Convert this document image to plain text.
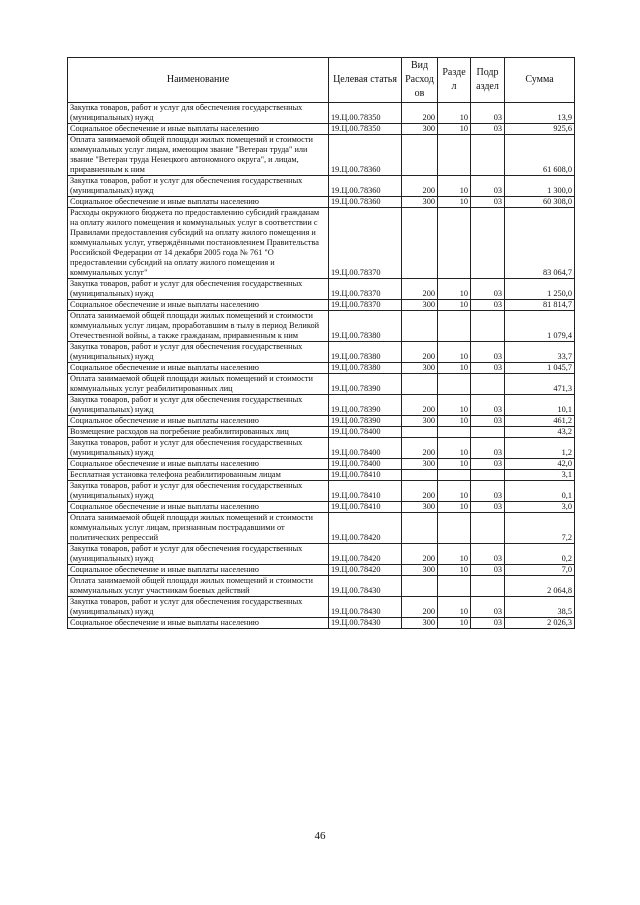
Наименование	Целевая статья	Вид Расход ов	Разде л	Подр аздел	Сумма
Закупка товаров, работ и услуг для обеспечения государственных (муниципальных) нужд	19.Ц.00.78350	200	10	03	13,9
Социальное обеспечение и иные выплаты населению	19.Ц.00.78350	300	10	03	925,6
Оплата занимаемой общей площади жилых помещений и стоимости коммунальных услуг лицам, имеющим звание "Ветеран труда" или звание "Ветеран труда Ненецкого автономного округа", и лицам, приравненным к ним	19.Ц.00.78360				61 608,0
Закупка товаров, работ и услуг для обеспечения государственных (муниципальных) нужд	19.Ц.00.78360	200	10	03	1 300,0
Социальное обеспечение и иные выплаты населению	19.Ц.00.78360	300	10	03	60 308,0
Расходы окружного бюджета по предоставлению субсидий гражданам на оплату жилого помещения и коммунальных услуг в соответствии с Правилами предоставления субсидий на оплату жилого помещения и коммунальных услуг, утверждёнными постановлением Правительства Российской Федерации от 14 декабря 2005 года № 761 "О предоставлении субсидий на оплату жилого помещения и коммунальных услуг"	19.Ц.00.78370				83 064,7
Закупка товаров, работ и услуг для обеспечения государственных (муниципальных) нужд	19.Ц.00.78370	200	10	03	1 250,0
Социальное обеспечение и иные выплаты населению	19.Ц.00.78370	300	10	03	81 814,7
Оплата занимаемой общей площади жилых помещений и стоимости коммунальных услуг лицам, проработавшим в тылу в период Великой Отечественной войны, а также гражданам, приравненным к ним	19.Ц.00.78380				1 079,4
Закупка товаров, работ и услуг для обеспечения государственных (муниципальных) нужд	19.Ц.00.78380	200	10	03	33,7
Социальное обеспечение и иные выплаты населению	19.Ц.00.78380	300	10	03	1 045,7
Оплата занимаемой общей площади жилых помещений и стоимости коммунальных услуг реабилитированных лиц	19.Ц.00.78390				471,3
Закупка товаров, работ и услуг для обеспечения государственных (муниципальных) нужд	19.Ц.00.78390	200	10	03	10,1
Социальное обеспечение и иные выплаты населению	19.Ц.00.78390	300	10	03	461,2
Возмещение расходов на погребение реабилитированных лиц	19.Ц.00.78400				43,2
Закупка товаров, работ и услуг для обеспечения государственных (муниципальных) нужд	19.Ц.00.78400	200	10	03	1,2
Социальное обеспечение и иные выплаты населению	19.Ц.00.78400	300	10	03	42,0
Бесплатная установка телефона реабилитированным лицам	19.Ц.00.78410				3,1
Закупка товаров, работ и услуг для обеспечения государственных (муниципальных) нужд	19.Ц.00.78410	200	10	03	0,1
Социальное обеспечение и иные выплаты населению	19.Ц.00.78410	300	10	03	3,0
Оплата занимаемой общей площади жилых помещений и стоимости коммунальных услуг лицам, признанным пострадавшими от политических репрессий	19.Ц.00.78420				7,2
Закупка товаров, работ и услуг для обеспечения государственных (муниципальных) нужд	19.Ц.00.78420	200	10	03	0,2
Социальное обеспечение и иные выплаты населению	19.Ц.00.78420	300	10	03	7,0
Оплата занимаемой общей площади жилых помещений и стоимости коммунальных услуг участникам боевых действий	19.Ц.00.78430				2 064,8
Закупка товаров, работ и услуг для обеспечения государственных (муниципальных) нужд	19.Ц.00.78430	200	10	03	38,5
Социальное обеспечение и иные выплаты населению	19.Ц.00.78430	300	10	03	2 026,3
46
